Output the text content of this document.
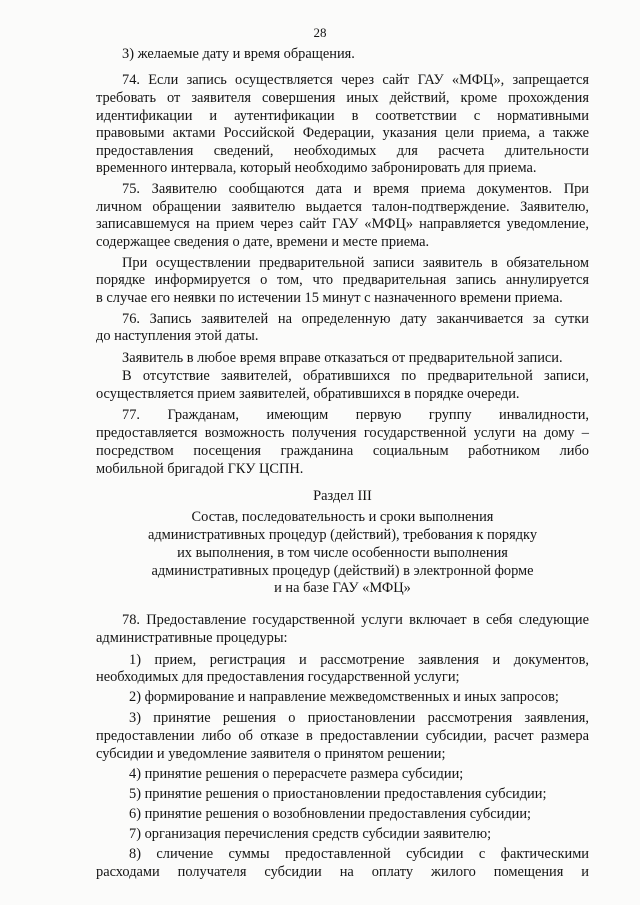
28
3) желаемые дату и время обращения.
74. Если запись осуществляется через сайт ГАУ «МФЦ», запрещается
требовать от заявителя совершения иных действий, кроме прохождения
идентификации и аутентификации в соответствии с нормативными
правовыми актами Российской Федерации, указания цели приема, а также
предоставления сведений, необходимых для расчета длительности
временного интервала, который необходимо забронировать для приема.
75. Заявителю сообщаются дата и время приема документов. При
личном обращении заявителю выдается талон-подтверждение. Заявителю,
записавшемуся на прием через сайт ГАУ «МФЦ» направляется уведомление,
содержащее сведения о дате, времени и месте приема.
При осуществлении предварительной записи заявитель в обязательном
порядке информируется о том, что предварительная запись аннулируется
в случае его неявки по истечении 15 минут с назначенного времени приема.
76. Запись заявителей на определенную дату заканчивается за сутки
до наступления этой даты.
Заявитель в любое время вправе отказаться от предварительной записи.
В отсутствие заявителей, обратившихся по предварительной записи,
осуществляется прием заявителей, обратившихся в порядке очереди.
77. Гражданам, имеющим первую группу инвалидности,
предоставляется возможность получения государственной услуги на дому –
посредством посещения гражданина социальным работником либо
мобильной бригадой ГКУ ЦСПН.
Раздел III
Состав, последовательность и сроки выполнения
административных процедур (действий), требования к порядку
их выполнения, в том числе особенности выполнения
административных процедур (действий) в электронной форме
и на базе ГАУ «МФЦ»
78. Предоставление государственной услуги включает в себя следующие
административные процедуры:
1) прием, регистрация и рассмотрение заявления и документов,
необходимых для предоставления государственной услуги;
2) формирование и направление межведомственных и иных запросов;
3) принятие решения о приостановлении рассмотрения заявления,
предоставлении либо об отказе в предоставлении субсидии, расчет размера
субсидии и уведомление заявителя о принятом решении;
4) принятие решения о перерасчете размера субсидии;
5) принятие решения о приостановлении предоставления субсидии;
6) принятие решения о возобновлении предоставления субсидии;
7) организация перечисления средств субсидии заявителю;
8) сличение суммы предоставленной субсидии с фактическими
расходами получателя субсидии на оплату жилого помещения и
